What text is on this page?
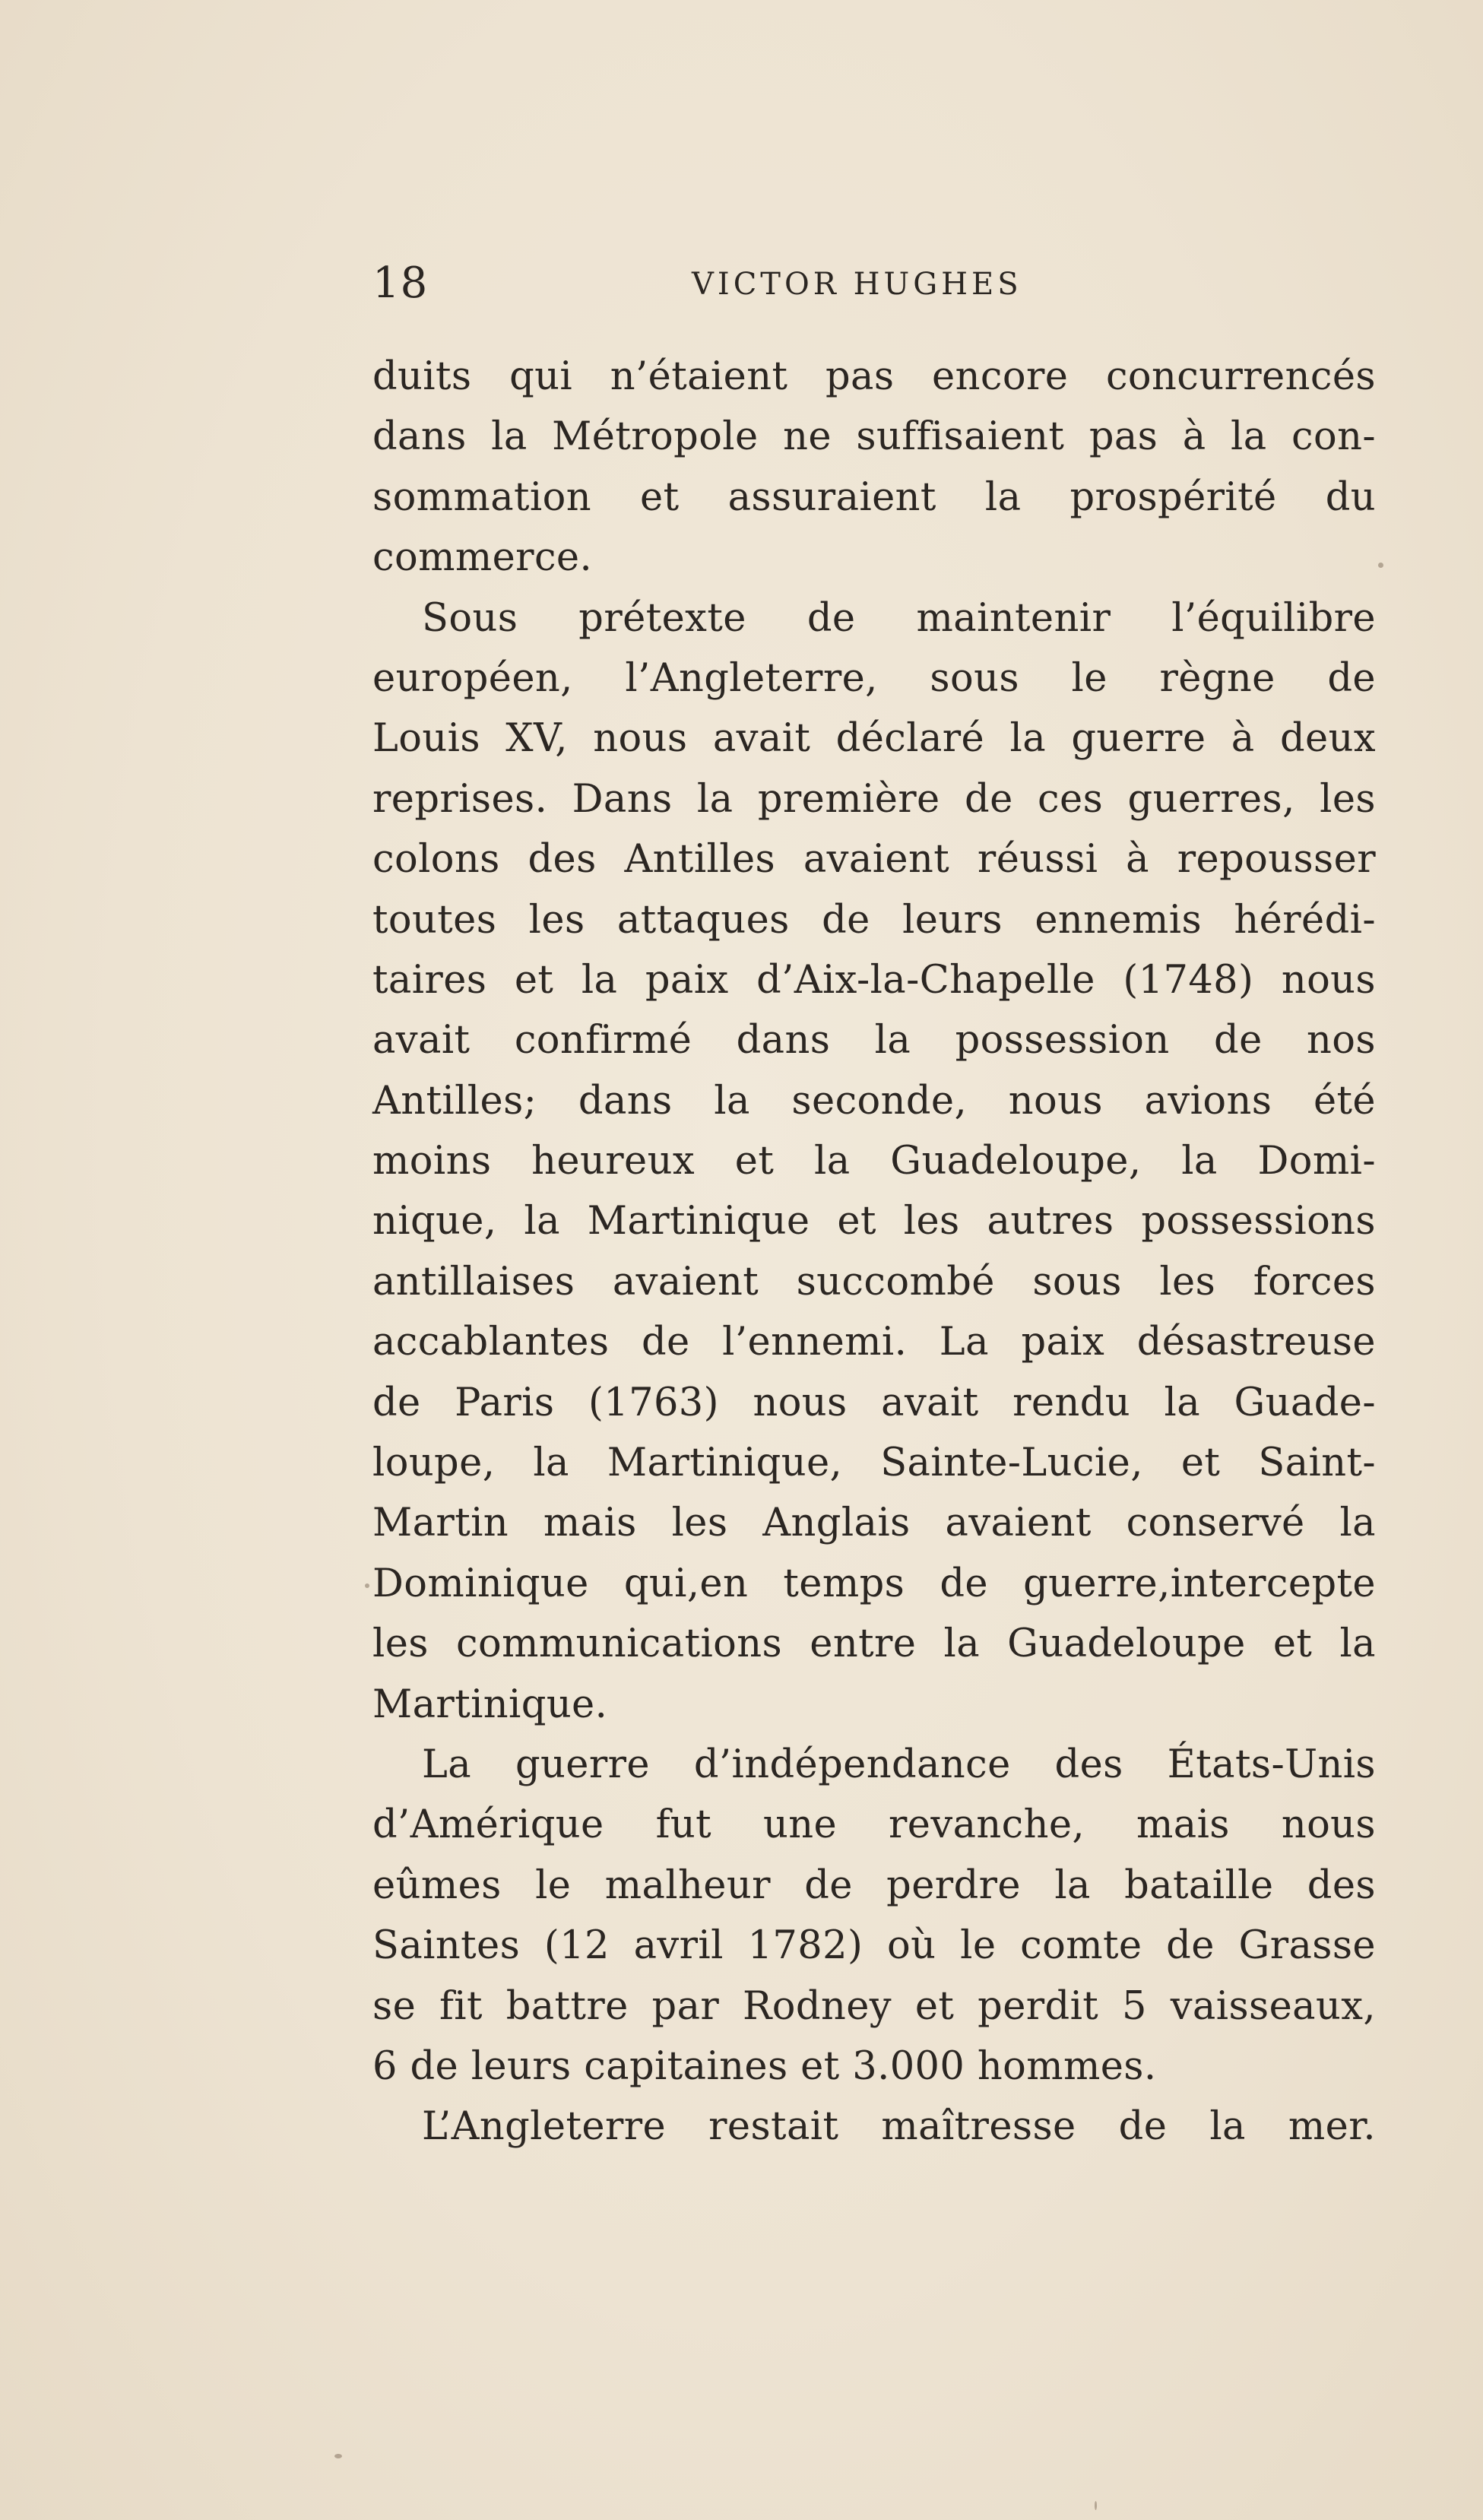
18	VICTOR HUGHES
duits qui n’étaient pas encore concurrencés
dans la Métropole ne suffisaient pas à la con-
sommation et assuraient la prospérité du
commerce.
Sous prétexte de maintenir l’équilibre
européen, l’Angleterre, sous le règne de
Louis XV, nous avait déclaré la guerre à deux
reprises. Dans la première de ces guerres, les
colons des Antilles avaient réussi à repousser
toutes les attaques de leurs ennemis hérédi-
taires et la paix d’Aix-la-Chapelle (1748) nous
avait confirmé dans la possession de nos
Antilles; dans la seconde, nous avions été
moins heureux et la Guadeloupe, la Domi-
nique, la Martinique et les autres possessions
antillaises avaient succombé sous les forces
accablantes de l’ennemi. La paix désastreuse
de Paris (1763) nous avait rendu la Guade-
loupe, la Martinique, Sainte-Lucie, et Saint-
Martin mais les Anglais avaient conservé la
Dominique qui,en temps de guerre,intercepte
les communications entre la Guadeloupe et la
Martinique.
La guerre d’indépendance des États-Unis
d’Amérique fut une revanche, mais nous
eûmes le malheur de perdre la bataille des
Saintes (12 avril 1782) où le comte de Grasse
se fit battre par Rodney et perdit 5 vaisseaux,
6 de leurs capitaines et 3.000 hommes.
L’Angleterre restait maîtresse de la mer.
